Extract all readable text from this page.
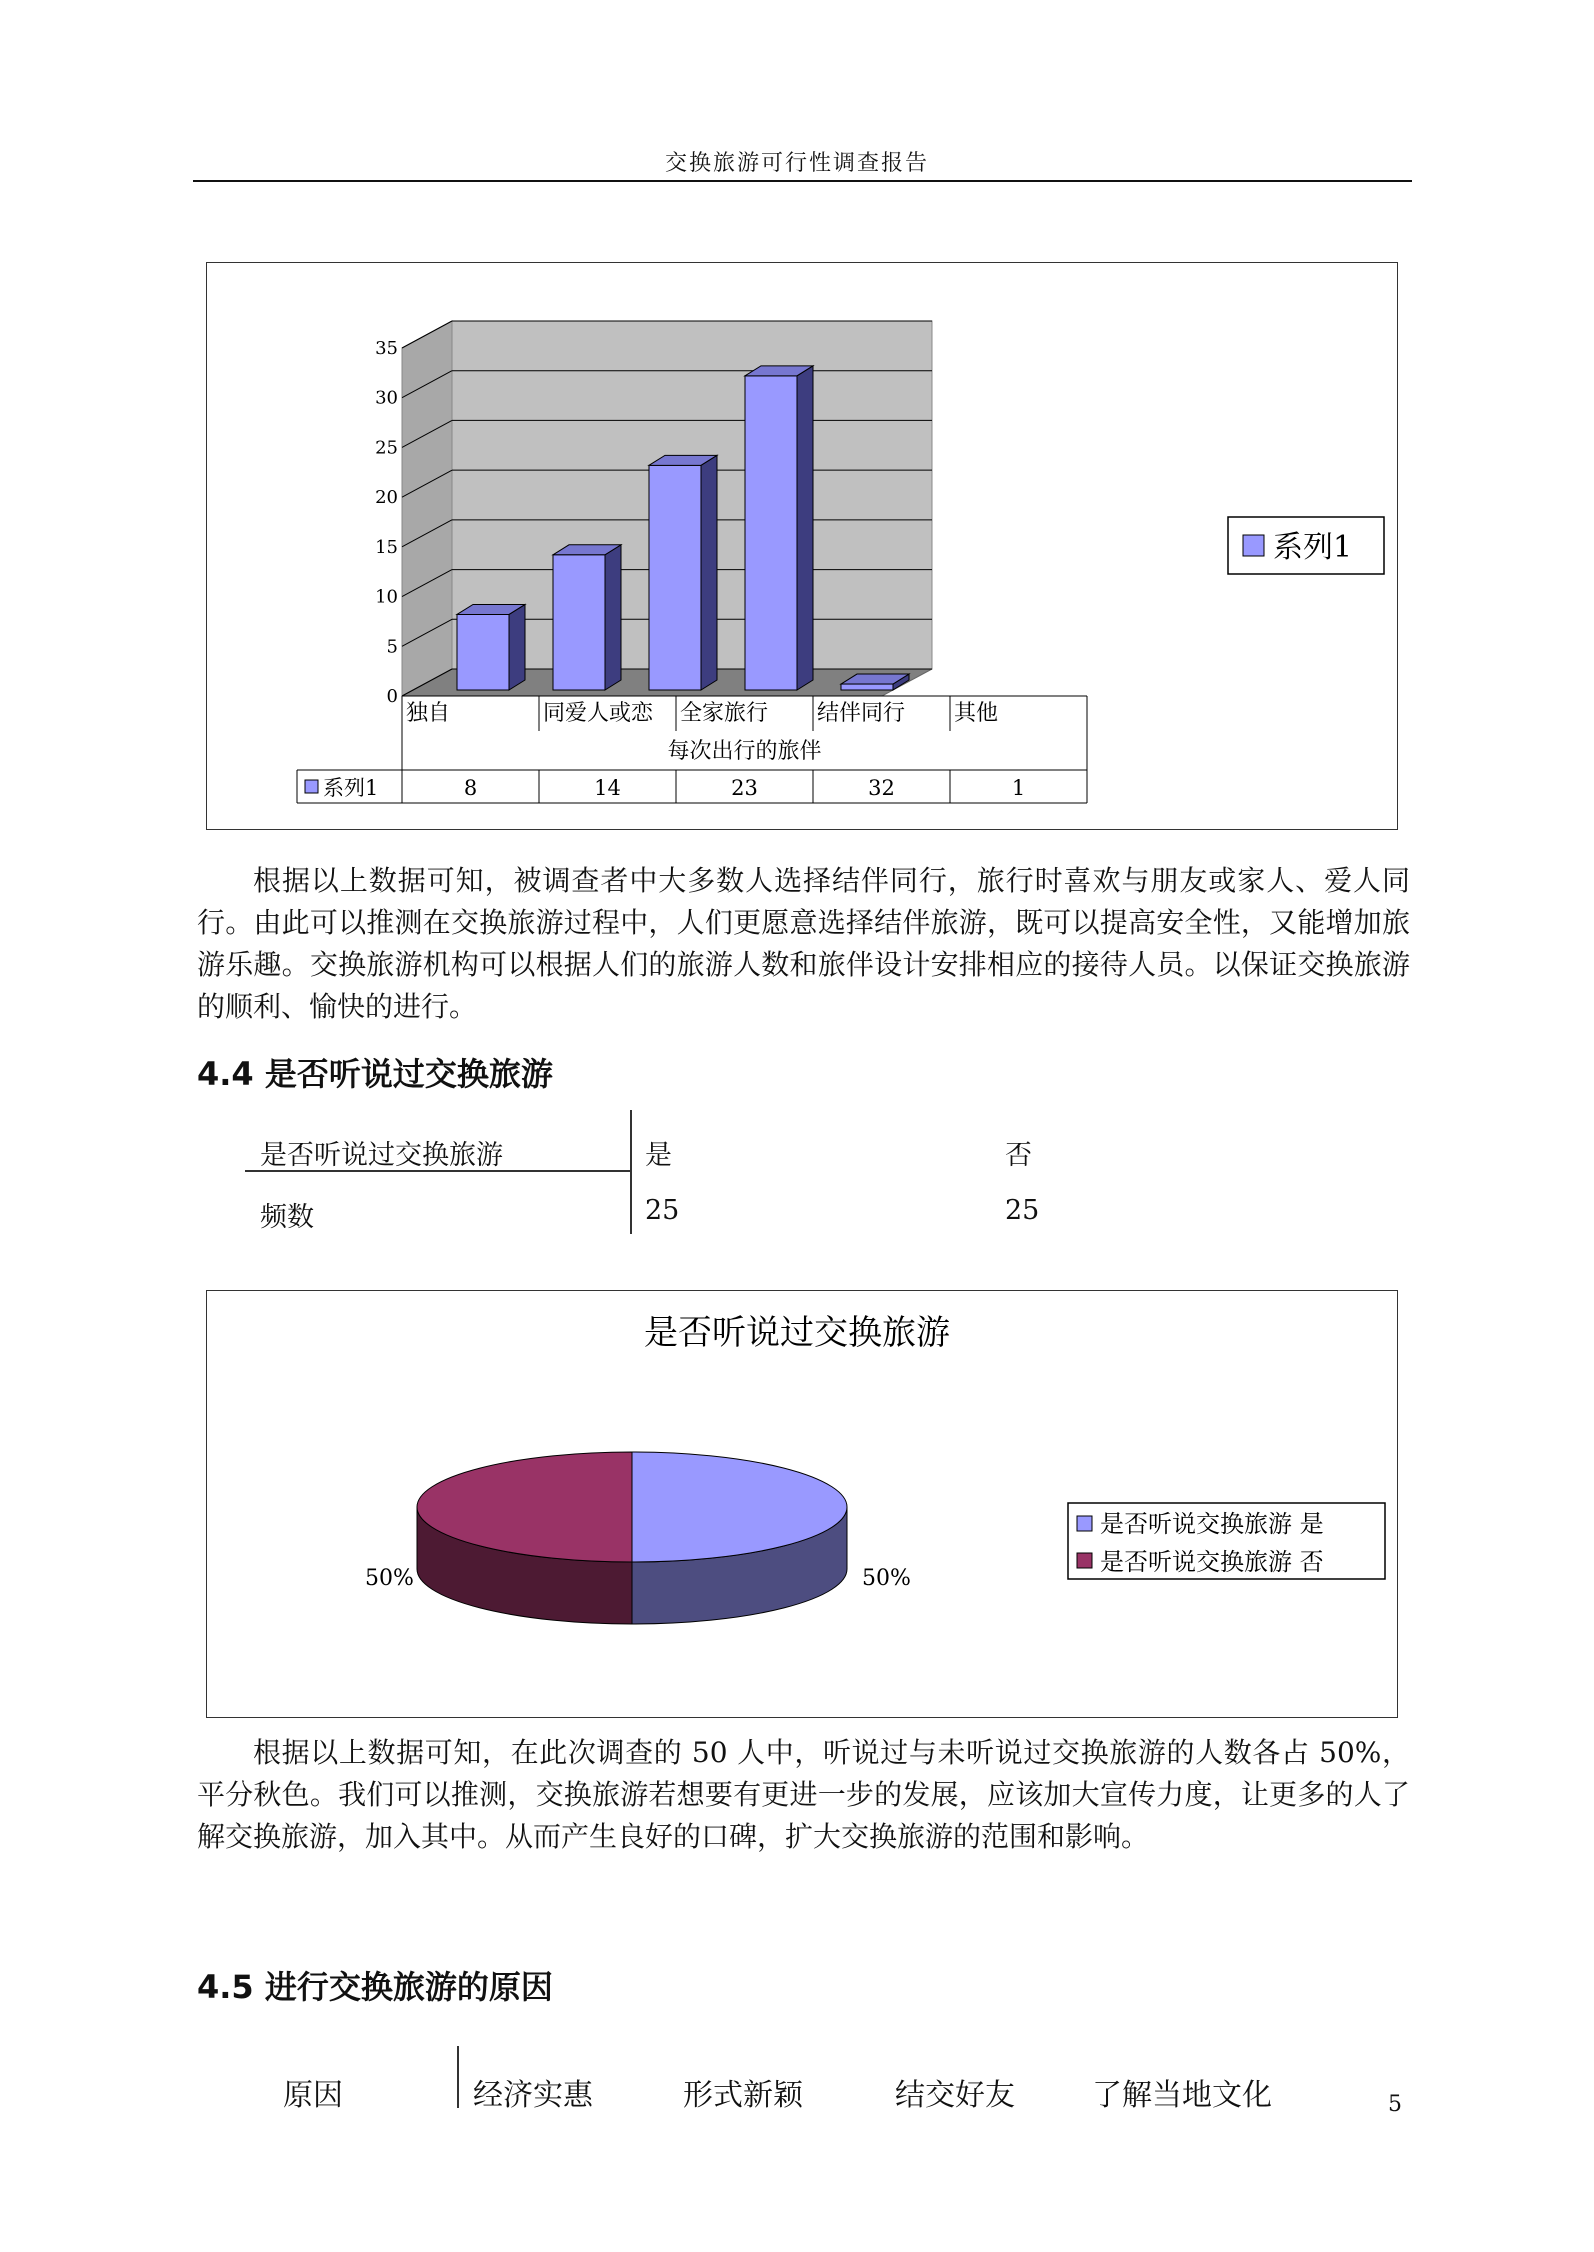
交换旅游可行性调查报告
0
5
10
15
20
25
30
35
独自	同爱人或恋 全家旅行 结伴同行 其他
每次出行的旅伴
系列1	8	14	23	32	1
系列1

根据以上数据可知，被调查者中大多数人选择结伴同行，旅行时喜欢与朋友或家人、爱人同行。由此可以推测在交换旅游过程中，人们更愿意选择结伴旅游，既可以提高安全性，又能增加旅游乐趣。交换旅游机构可以根据人们的旅游人数和旅伴设计安排相应的接待人员。以保证交换旅游的顺利、愉快的进行。

4.4 是否听说过交换旅游
是否听说过交换旅游	是	否
频数	25	25
是否听说过交换旅游
50%
50%
是否听说交换旅游 是
是否听说交换旅游 否

根据以上数据可知，在此次调查的 50 人中，听说过与未听说过交换旅游的人数各占 50%，平分秋色。我们可以推测，交换旅游若想要有更进一步的发展，应该加大宣传力度，让更多的人了解交换旅游，加入其中。从而产生良好的口碑，扩大交换旅游的范围和影响。

4.5 进行交换旅游的原因
原因	经济实惠	形式新颖	结交好友	了解当地文化	5
